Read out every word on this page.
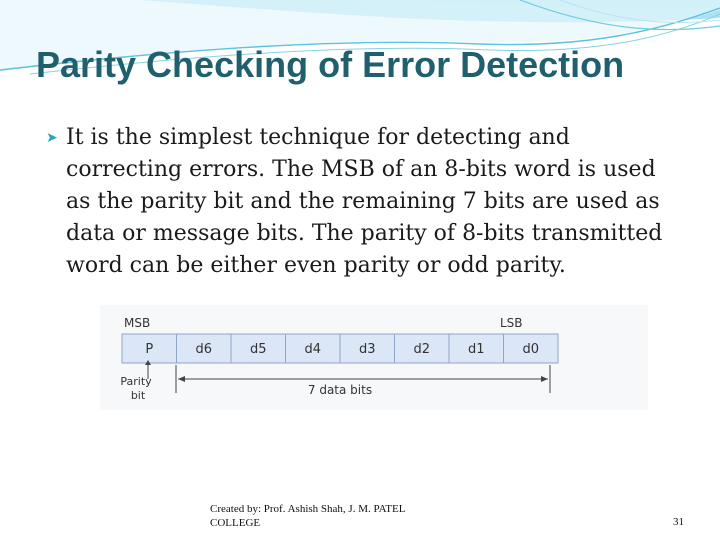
Parity Checking of Error Detection
➤ It is the simplest technique for detecting and correcting errors. The MSB of an 8-bits word is used as the parity bit and the remaining 7 bits are used as data or message bits. The parity of 8-bits transmitted word can be either even parity or odd parity.
MSB	LSB
P	d6	d5	d4	d3	d2	d1	d0
Parity
bit	7 data bits
Created by: Prof. Ashish Shah, J. M. PATEL COLLEGE	31
